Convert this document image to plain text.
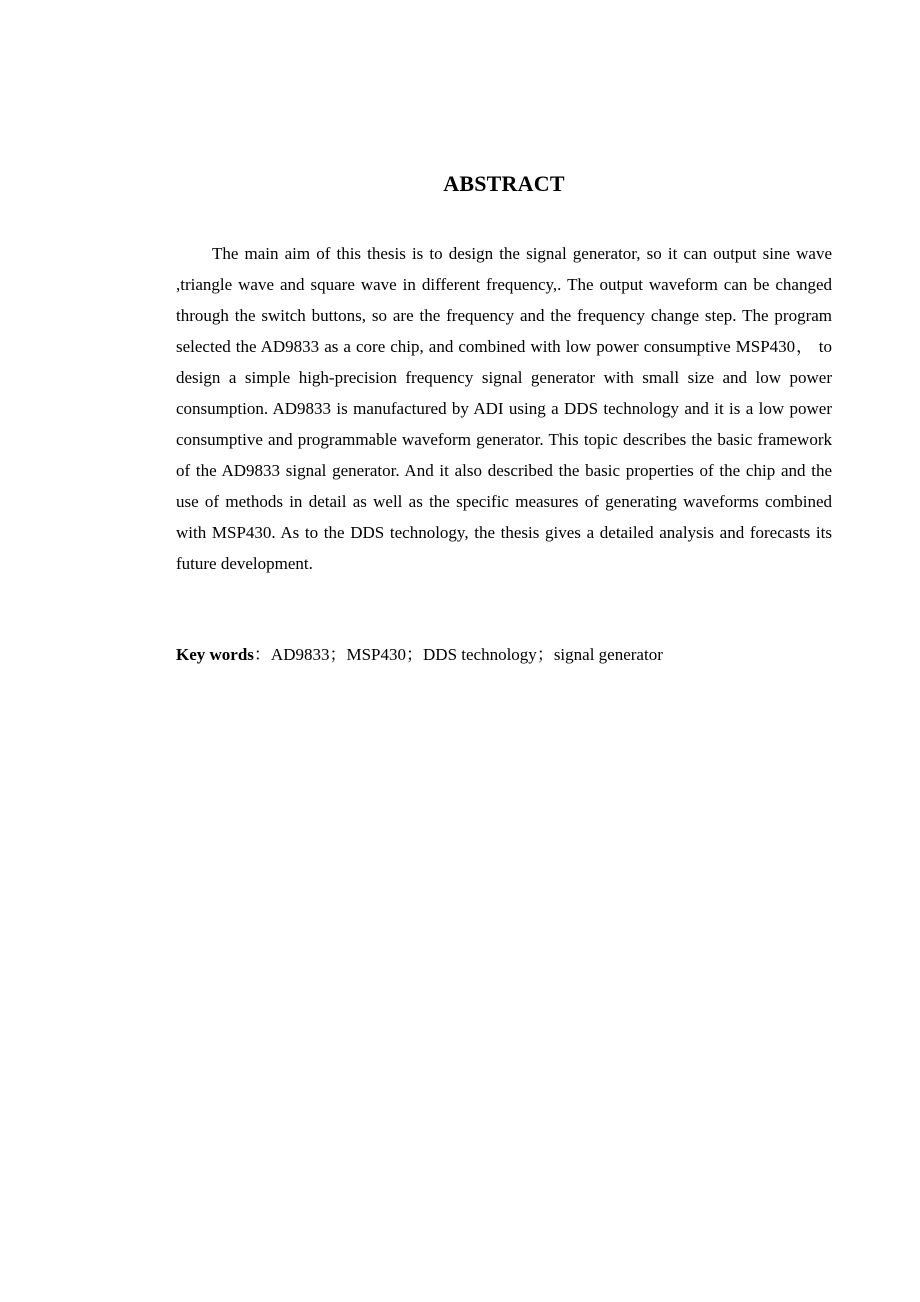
ABSTRACT

The main aim of this thesis is to design the signal generator, so it can output sine wave ,triangle wave and square wave in different frequency,. The output waveform can be changed through the switch buttons, so are the frequency and the frequency change step. The program selected the AD9833 as a core chip, and combined with low power consumptive MSP430， to design a simple high-precision frequency signal generator with small size and low power consumption. AD9833 is manufactured by ADI using a DDS technology and it is a low power consumptive and programmable waveform generator. This topic describes the basic framework of the AD9833 signal generator. And it also described the basic properties of the chip and the use of methods in detail as well as the specific measures of generating waveforms combined with MSP430. As to the DDS technology, the thesis gives a detailed analysis and forecasts its future development.

Key words：AD9833；MSP430；DDS technology；signal generator
